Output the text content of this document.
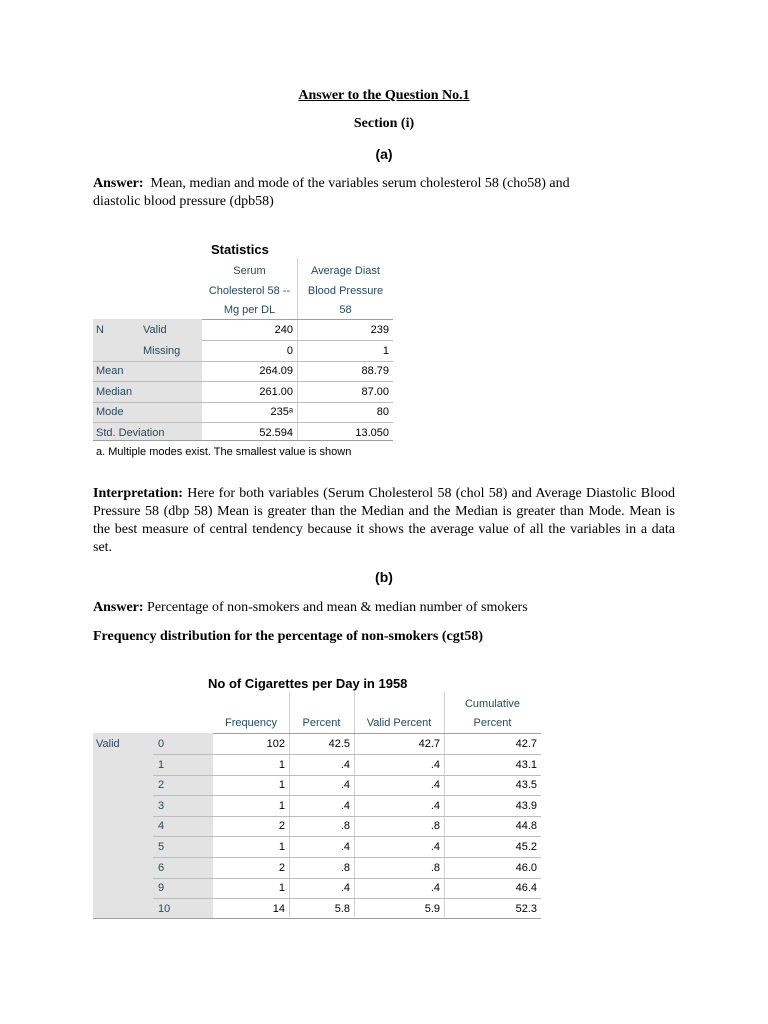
Answer to the Question No.1
Section (i)
(a)
Answer: Mean, median and mode of the variables serum cholesterol 58 (cho58) and
diastolic blood pressure (dpb58)
Statistics
Serum
Cholesterol 58 --
Mg per DL
Average Diast
Blood Pressure
58
N	Valid	240	239
Missing	0	1
Mean	264.09	88.79
Median	261.00	87.00
Mode	235ᵃ	80
Std. Deviation	52.594	13.050
a. Multiple modes exist. The smallest value is shown
Interpretation: Here for both variables (Serum Cholesterol 58 (chol 58) and Average Diastolic Blood Pressure 58 (dbp 58) Mean is greater than the Median and the Median is greater than Mode. Mean is the best measure of central tendency because it shows the average value of all the variables in a data set.
(b)
Answer: Percentage of non-smokers and mean & median number of smokers
Frequency distribution for the percentage of non-smokers (cgt58)
No of Cigarettes per Day in 1958
Frequency	Percent	Valid Percent
Cumulative
Percent
Valid	0	102	42.5	42.7	42.7
1	1	.4	.4	43.1
2	1	.4	.4	43.5
3	1	.4	.4	43.9
4	2	.8	.8	44.8
5	1	.4	.4	45.2
6	2	.8	.8	46.0
9	1	.4	.4	46.4
10	14	5.8	5.9	52.3
